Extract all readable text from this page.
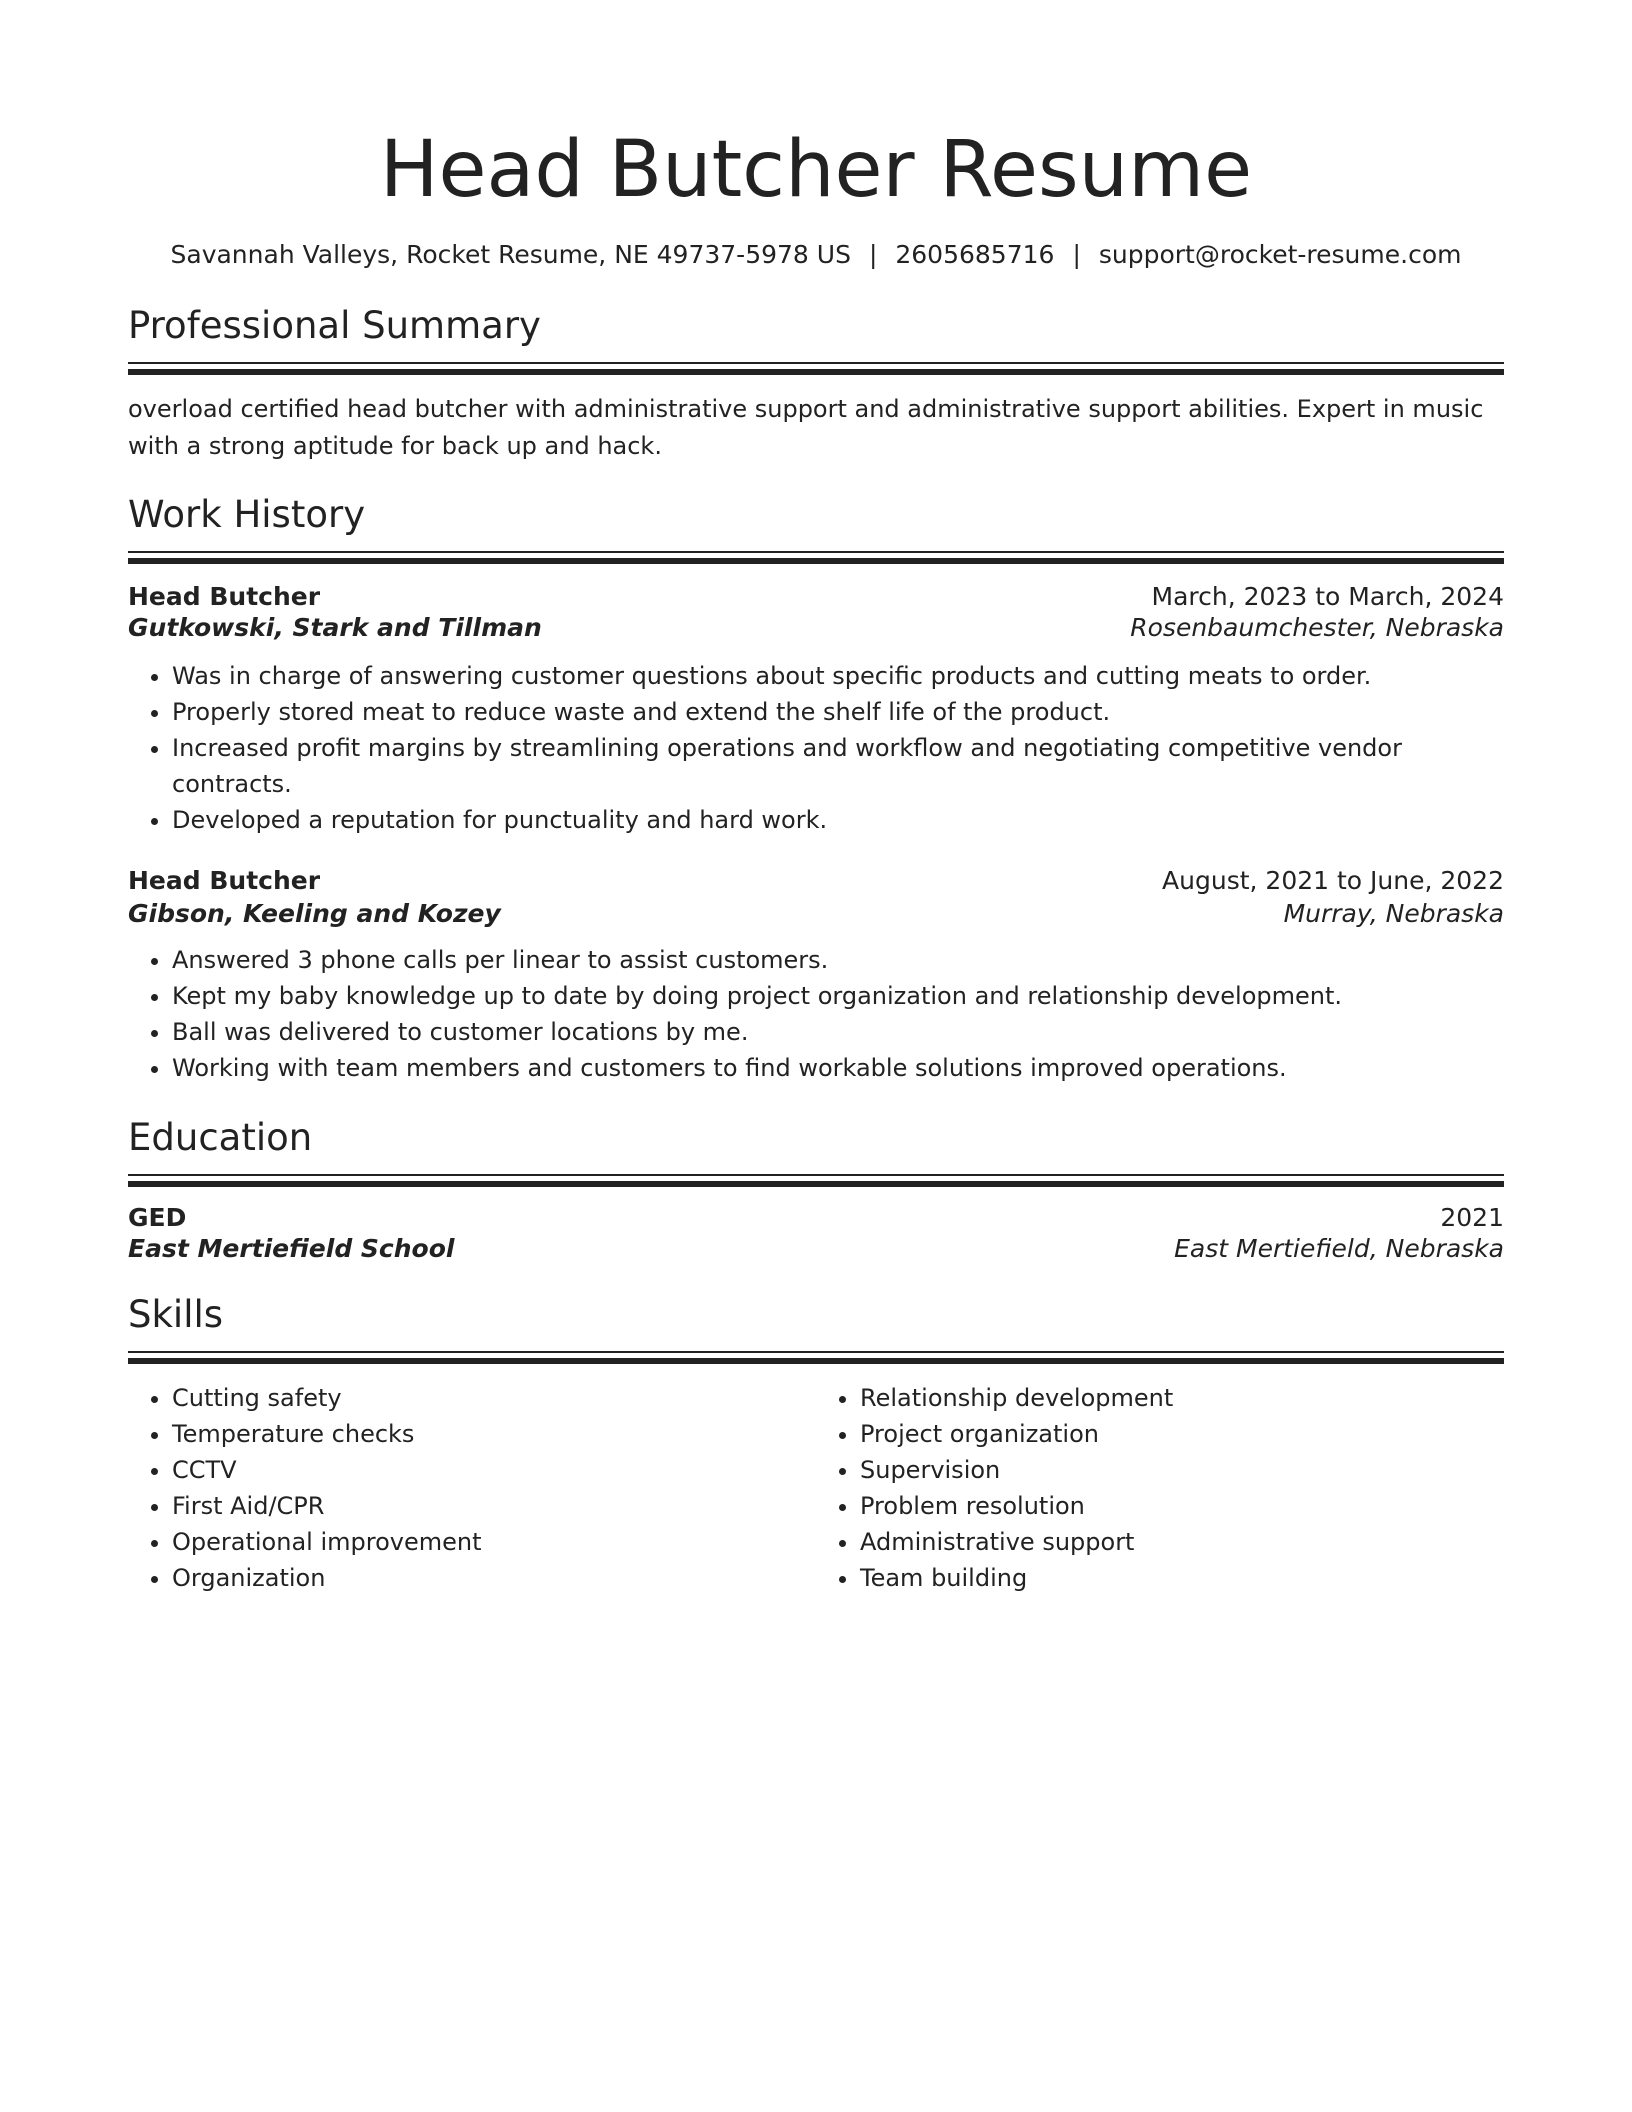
Head Butcher Resume
Savannah Valleys, Rocket Resume, NE 49737-5978 US | 2605685716 | support@rocket-resume.com
Professional Summary
overload certified head butcher with administrative support and administrative support abilities. Expert in music with a strong aptitude for back up and hack.
Work History
Head Butcher	March, 2023 to March, 2024
Gutkowski, Stark and Tillman	Rosenbaumchester, Nebraska
• Was in charge of answering customer questions about specific products and cutting meats to order.
• Properly stored meat to reduce waste and extend the shelf life of the product.
• Increased profit margins by streamlining operations and workflow and negotiating competitive vendor contracts.
• Developed a reputation for punctuality and hard work.
Head Butcher	August, 2021 to June, 2022
Gibson, Keeling and Kozey	Murray, Nebraska
• Answered 3 phone calls per linear to assist customers.
• Kept my baby knowledge up to date by doing project organization and relationship development.
• Ball was delivered to customer locations by me.
• Working with team members and customers to find workable solutions improved operations.
Education
GED	2021
East Mertiefield School	East Mertiefield, Nebraska
Skills
• Cutting safety
• Temperature checks
• CCTV
• First Aid/CPR
• Operational improvement
• Organization
• Relationship development
• Project organization
• Supervision
• Problem resolution
• Administrative support
• Team building
